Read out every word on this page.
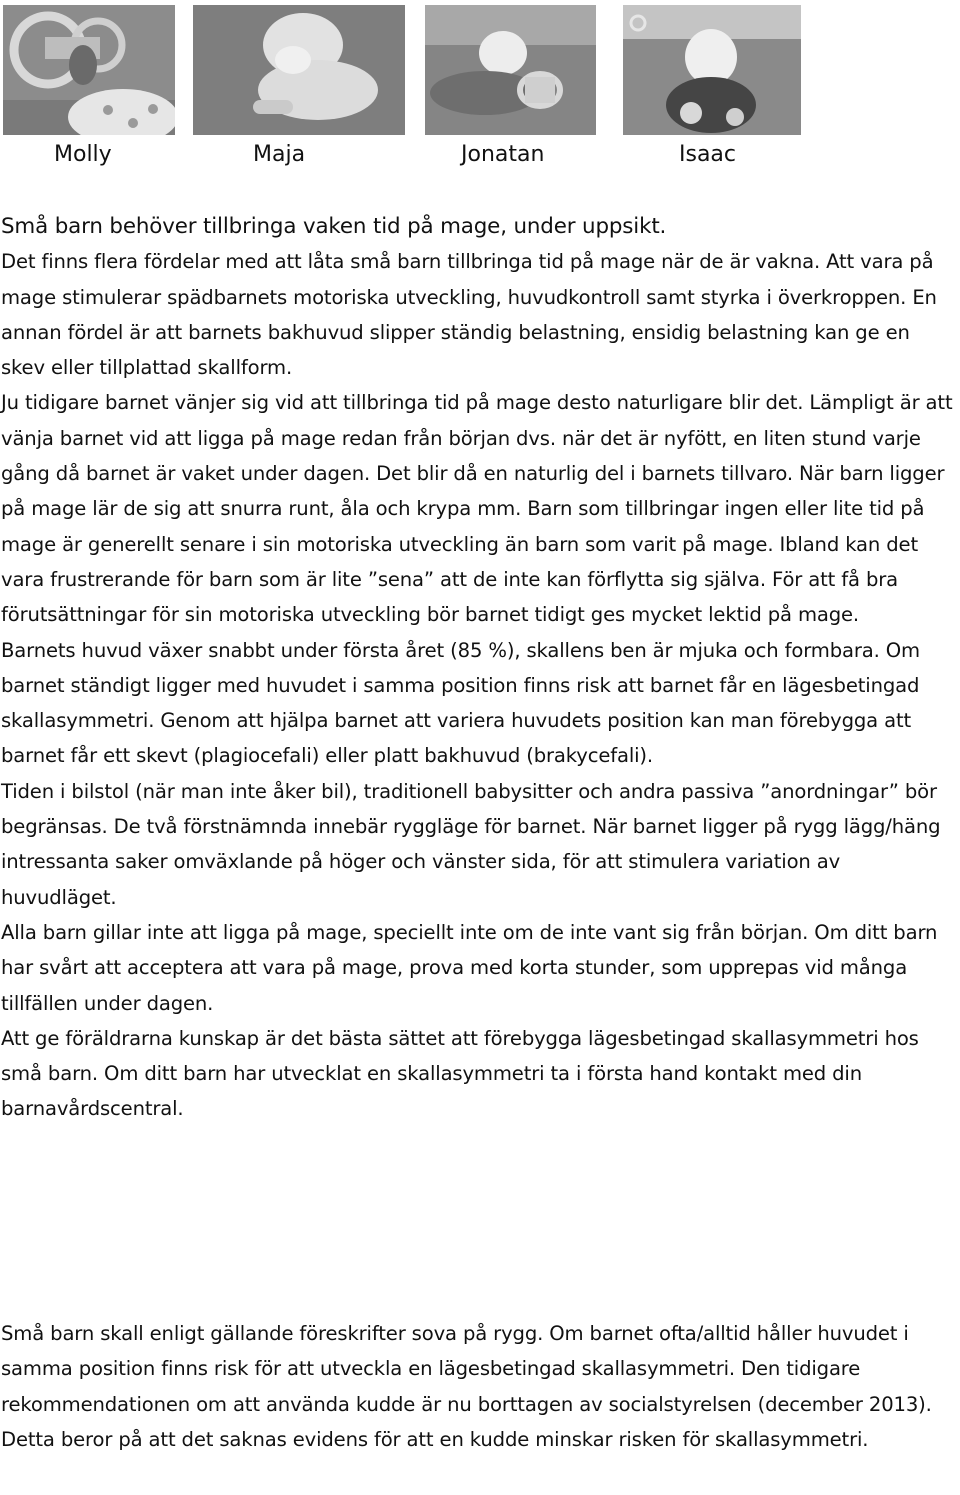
Molly	Maja	Jonatan	Isaac

Små barn behöver tillbringa vaken tid på mage, under uppsikt.

Det finns flera fördelar med att låta små barn tillbringa tid på mage när de är vakna. Att vara på mage stimulerar spädbarnets motoriska utveckling, huvudkontroll samt styrka i överkroppen. En annan fördel är att barnets bakhuvud slipper ständig belastning, ensidig belastning kan ge en skev eller tillplattad skallform.

Ju tidigare barnet vänjer sig vid att tillbringa tid på mage desto naturligare blir det. Lämpligt är att vänja barnet vid att ligga på mage redan från början dvs. när det är nyfött, en liten stund varje gång då barnet är vaket under dagen. Det blir då en naturlig del i barnets tillvaro. När barn ligger på mage lär de sig att snurra runt, åla och krypa mm. Barn som tillbringar ingen eller lite tid på mage är generellt senare i sin motoriska utveckling än barn som varit på mage. Ibland kan det vara frustrerande för barn som är lite ”sena” att de inte kan förflytta sig själva. För att få bra förutsättningar för sin motoriska utveckling bör barnet tidigt ges mycket lektid på mage.

Barnets huvud växer snabbt under första året (85 %), skallens ben är mjuka och formbara. Om barnet ständigt ligger med huvudet i samma position finns risk att barnet får en lägesbetingad skallasymmetri. Genom att hjälpa barnet att variera huvudets position kan man förebygga att barnet får ett skevt (plagiocefali) eller platt bakhuvud (brakycefali).

Tiden i bilstol (när man inte åker bil), traditionell babysitter och andra passiva ”anordningar” bör begränsas. De två förstnämnda innebär ryggläge för barnet. När barnet ligger på rygg lägg/häng intressanta saker omväxlande på höger och vänster sida, för att stimulera variation av huvudläget.

Alla barn gillar inte att ligga på mage, speciellt inte om de inte vant sig från början. Om ditt barn har svårt att acceptera att vara på mage, prova med korta stunder, som upprepas vid många tillfällen under dagen.

Att ge föräldrarna kunskap är det bästa sättet att förebygga lägesbetingad skallasymmetri hos små barn. Om ditt barn har utvecklat en skallasymmetri ta i första hand kontakt med din barnavårdscentral.

Små barn skall enligt gällande föreskrifter sova på rygg. Om barnet ofta/alltid håller huvudet i samma position finns risk för att utveckla en lägesbetingad skallasymmetri. Den tidigare rekommendationen om att använda kudde är nu borttagen av socialstyrelsen (december 2013). Detta beror på att det saknas evidens för att en kudde minskar risken för skallasymmetri.
